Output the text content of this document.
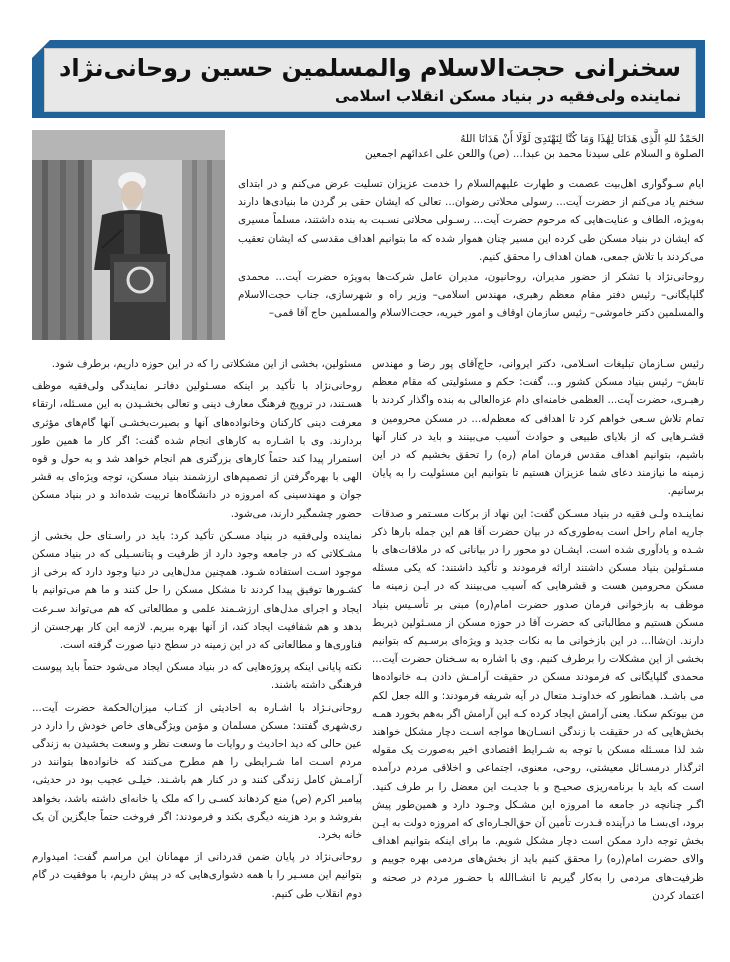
سخنرانی حجت‌الاسلام والمسلمین حسین روحانی‌نژاد
نماینده ولی‌فقیه در بنیاد مسکن انقلاب اسلامی
الحَمْدُ للهِ الَّذِی هَدَانَا لِهَٰذَا وَمَا کُنَّا لِنَهْتَدِیَ لَوْلَا أَنْ هَدَانَا اللهُ
الصلوة و السلام علی سیدنا محمد بن عبدا... (ص) واللعن علی اعدائهم اجمعین

ایام سـوگواری اهل‌بیت عصمت و طهارت علیهم‌السلام را خدمت عزیزان تسلیت عرض می‌کنم و در ابتدای سخنم یاد می‌کنم از حضرت آیت... رسولی محلاتی رضوان... تعالی که ایشان حقی بر گردن ما بنیادی‌ها دارند به‌ویژه، الطاف و عنایت‌هایی که مرحوم حضرت آیت... رسـولی محلاتی نسـبت به بنده داشتند، مسلماً مسیری که ایشان در بنیاد مسکن طی کرده این مسیر چنان هموار شده که ما بتوانیم اهداف مقدسی که ایشان تعقیب می‌کردند با تلاش جمعی، همان اهداف را محقق کنیم.

روحانی‌نژاد با تشکر از حضور مدیران، روحانیون، مدیران عامل شرکت‌ها به‌ویژه حضرت آیت... محمدی گلپایگانی– رئیس دفتر مقام معظم رهبری، مهندس اسلامی– وزیر راه و شهرسازی، جناب حجت‌الاسلام والمسلمین دکتر خاموشی– رئیس سازمان اوقاف و امور خیریه، حجت‌الاسلام والمسلمین حاج آقا قمی–

رئیس سـازمان تبلیغات اسـلامی، دکتر ایروانی، حاج‌آقای پور رضا و مهندس تابش– رئیس بنیاد مسکن کشور و... گفت: حکم و مسئولیتی که مقام معظم رهبـری، حضرت آیت... العظمی خامنه‌ای دام عزه‌العالی به بنده واگذار کردند با تمام تلاش سـعی خواهم کرد تا اهدافی که معظم‌له... در مسکن محرومین و قشـرهایی که از بلایای طبیعی و حوادث آسیب می‌بینند و باید در کنار آنها باشیم، بتوانیم اهداف مقدس فرمان امام (ره) را تحقق بخشیم که در این زمینه ما نیازمند دعای شما عزیزان هستیم تا بتوانیم این مسئولیت را به پایان برسانیم.

نماینـده ولـی فقیه در بنیاد مسـکن گفت: این نهاد از برکات مسـتمر و صدقات جاریه امام راحل است به‌طوری‌که در بیان حضرت آقا هم این جمله بارها ذکر شـده و یادآوری شده است. ایشـان دو محور را در بیاناتی که در ملاقات‌های با مسـئولین بنیاد مسکن داشتند ارائه فرمودند و تأکید داشتند: که یکی مسئله مسکن محرومین هست و قشرهایی که آسیب می‌بینند که در ایـن زمینه ما موظف به بازخوانی فرمان صدور حضرت امام(ره) مبنی بر تأسـیس بنیاد مسکن هستیم و مطالباتی که حضرت آقا در حوزه مسکن از مسـئولین ذیربط دارند. ان‌شاا... در این بازخوانی ما به نکات جدید و ویژه‌ای برسـیم که بتوانیم بخشی از این مشکلات را برطرف کنیم. وی با اشاره به سـخنان حضرت آیت... محمدی گلپایگانی که فرمودند مسکن در حقیقت آرامـش دادن بـه خانواده‌ها می باشـد. همانطور که خداونـد متعال در آیه شریفه فرمودند: و الله جعل لکم من بیوتکم سکنا. یعنی آرامش ایجاد کرده کـه این آرامش اگر به‌هم بخورد همـه بخش‌هایی که در حقیقت با زندگی انسـان‌ها مواجه اسـت دچار مشکل خواهند شد لذا مسـئله مسکن با توجه به شـرایط اقتصادی اخیر به‌صورت یک مقوله اثرگذار درمسـائل معیشتی، روحی، معنوی، اجتماعی و اخلاقی مردم درآمده است که باید با برنامه‌ریزی صحیـح و با جدیـت این معضل را بر طرف کنید. اگـر چنانچه در جامعه ما امروزه این مشـکل وجـود دارد و همین‌طور پیش برود، ای‌بسـا ما درآینده قـدرت تأمین آن حق‌الجـاره‌ای که امروزه دولت به ایـن بخش توجه دارد ممکن است دچار مشکل شویم. ما برای اینکه بتوانیم اهداف والای حضرت امام(ره) را محقق کنیم باید از بخش‌های مردمی بهره جوییم و ظرفیت‌های مردمی را به‌کار گیریم تا انشـاالله با حضـور مردم در صحنه و اعتماد کردن

مسئولین، بخشی از این مشکلاتی را که در این حوزه داریم، برطرف شود.

روحانی‌نژاد با تأکید بر اینکه مسـئولین دفاتـر نمایندگی ولی‌فقیه موظف هسـتند، در ترویج فرهنگ معارف دینی و تعالی بخشـیدن به این مسـئله، ارتقاء معرفت دینی کارکنان وخانواده‌های آنها و بصیرت‌بخشـی آنها گام‌های مؤثری بردارند. وی با اشـاره به کارهای انجام شده گفت: اگر کار ما همین طور استمرار پیدا کند حتماً کارهای بزرگتری هم انجام خواهد شد و به حول و قوه الهی با بهره‌گرفتن از تصمیم‌های ارزشمند بنیاد مسکن، توجه ویژه‌ای به قشر جوان و مهندسینی که امروزه در دانشگاه‌ها تربیت شده‌اند و در بنیاد مسکن حضور چشمگیر دارند، می‌شود.

نماینده ولی‌فقیه در بنیاد مسـکن تأکید کرد: باید در راسـتای حل بخشی از مشـکلاتی که در جامعه وجود دارد از ظرفیت و پتانسـیلی که در بنیاد مسکن موجود اسـت استفاده شـود. همچنین مدل‌هایی در دنیا وجود دارد که برخی از کشـورها توفیق پیدا کردند تا مشکل مسکن را حل کنند و ما هم می‌توانیم با ایجاد و اجرای مدل‌های ارزشـمند علمی و مطالعاتی که هم می‌تواند سـرعت بدهد و هم شفافیت ایجاد کند، از آنها بهره ببریم. لازمه این کار بهرجستن از فناوری‌ها و مطالعاتی که در این زمینه در سطح دنیا صورت گرفته است.

نکته پایانی اینکه پروژه‌هایی که در بنیاد مسکن ایجاد می‌شود حتماً باید پیوست فرهنگی داشته باشند.

روحانی‌نـژاد با اشـاره به احادیثی از کتـاب میزان‌الحکمة حضرت آیت... ری‌شهری گفتند: مسکن مسلمان و مؤمن ویژگی‌های خاص خودش را دارد در عین حالی که دید احادیث و روایات ما وسعت نظر و وسعت بخشیدن به زندگی مردم اسـت اما شـرایطی را هم مطرح می‌کنند که خانواده‌ها بتوانند در آرامـش کامل زندگی کنند و در کنار هم باشـند. خیلـی عجیب بود در حدیثی، پیامبر اکرم (ص) منع کردهاند کسـی را که ملک یا خانه‌ای داشته باشد، بخواهد بفروشد و برد هزینه دیگری بکند و فرمودند: اگر فروخت حتماً جایگزین آن یک خانه بخرد.

روحانی‌نژاد در پایان ضمن قدردانی از مهمانان این مراسم گفت: امیدوارم بتوانیم این مسـیر را با همه دشواری‌هایی که در پیش داریم، با موفقیت در گام دوم انقلاب طی کنیم.
